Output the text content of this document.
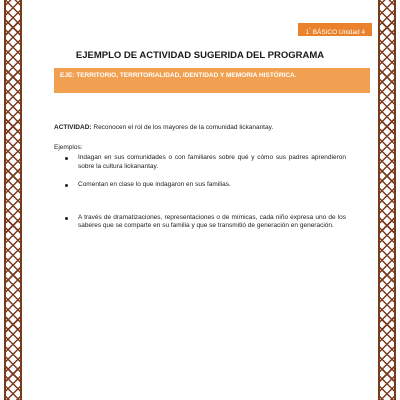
1° BÁSICO Unidad 4
EJEMPLO DE ACTIVIDAD SUGERIDA DEL PROGRAMA
EJE: TERRITORIO, TERRITORIALIDAD, IDENTIDAD Y MEMORIA HISTÓRICA.
ACTIVIDAD: Reconocen el rol de los mayores de la comunidad lickanantay.
Ejemplos:
Indagan en sus comunidades o con familiares sobre qué y cómo sus padres aprendieron sobre la cultura lickanantay.
Comentan en clase lo que indagaron en sus familias.
A través de dramatizaciones, representaciones o de mímicas, cada niño expresa uno de los saberes que se comparte en su familia y que se transmitió de generación en generación.
